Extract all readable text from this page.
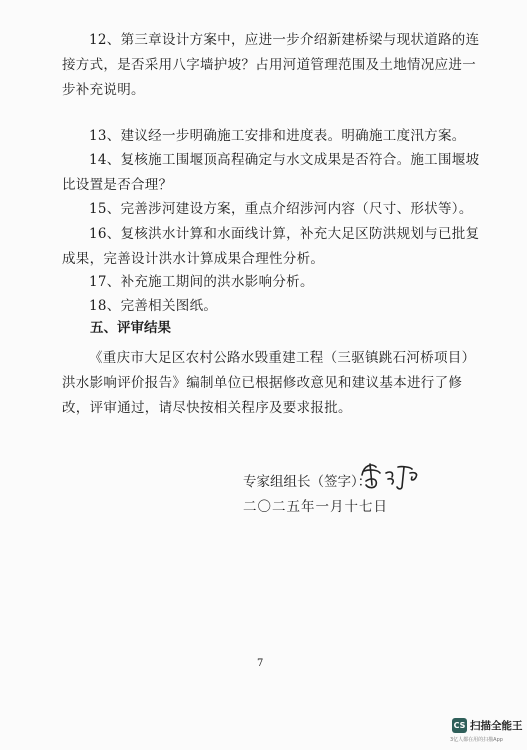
12、第三章设计方案中，应进一步介绍新建桥梁与现状道路的连接方式，是否采用八字墙护坡？占用河道管理范围及土地情况应进一步补充说明。

13、建议经一步明确施工安排和进度表。明确施工度汛方案。

14、复核施工围堰顶高程确定与水文成果是否符合。施工围堰坡比设置是否合理？

15、完善涉河建设方案，重点介绍涉河内容（尺寸、形状等）。

16、复核洪水计算和水面线计算，补充大足区防洪规划与已批复成果，完善设计洪水计算成果合理性分析。

17、补充施工期间的洪水影响分析。

18、完善相关图纸。

五、评审结果

《重庆市大足区农村公路水毁重建工程（三驱镇跳石河桥项目）洪水影响评价报告》编制单位已根据修改意见和建议基本进行了修改，评审通过，请尽快按相关程序及要求报批。

专家组组长（签字）：

二〇二五年一月十七日

7

CS 扫描全能王
3亿人都在用的扫描App
